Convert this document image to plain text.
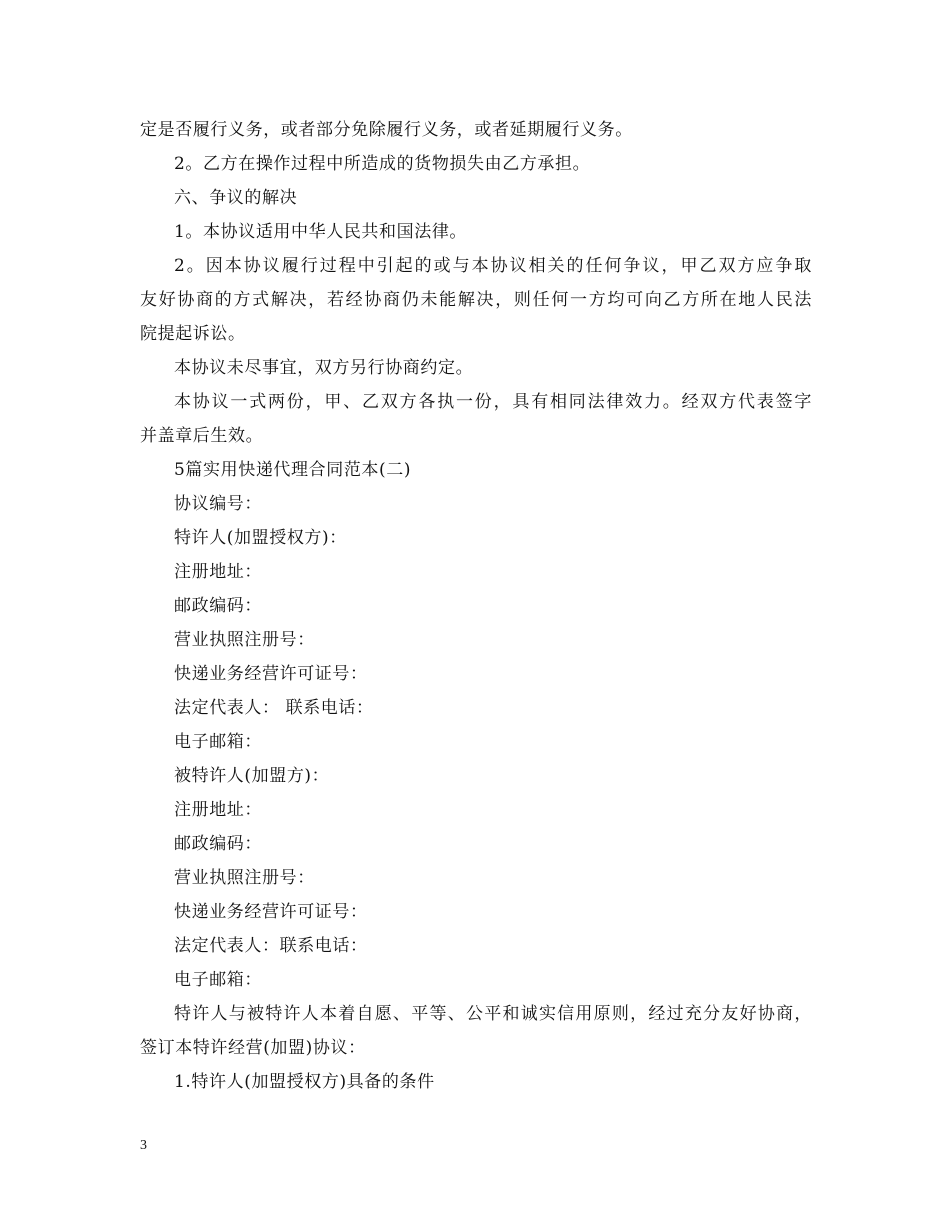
定是否履行义务，或者部分免除履行义务，或者延期履行义务。
2。乙方在操作过程中所造成的货物损失由乙方承担。
六、争议的解决
1。本协议适用中华人民共和国法律。
2。因本协议履行过程中引起的或与本协议相关的任何争议，甲乙双方应争取
友好协商的方式解决，若经协商仍未能解决，则任何一方均可向乙方所在地人民法
院提起诉讼。
本协议未尽事宜，双方另行协商约定。
本协议一式两份，甲、乙双方各执一份，具有相同法律效力。经双方代表签字
并盖章后生效。
5篇实用快递代理合同范本(二)
协议编号：
特许人(加盟授权方)：
注册地址：
邮政编码：
营业执照注册号：
快递业务经营许可证号：
法定代表人： 联系电话：
电子邮箱：
被特许人(加盟方)：
注册地址：
邮政编码：
营业执照注册号：
快递业务经营许可证号：
法定代表人：联系电话：
电子邮箱：
特许人与被特许人本着自愿、平等、公平和诚实信用原则，经过充分友好协商，
签订本特许经营(加盟)协议：
1.特许人(加盟授权方)具备的条件
3
